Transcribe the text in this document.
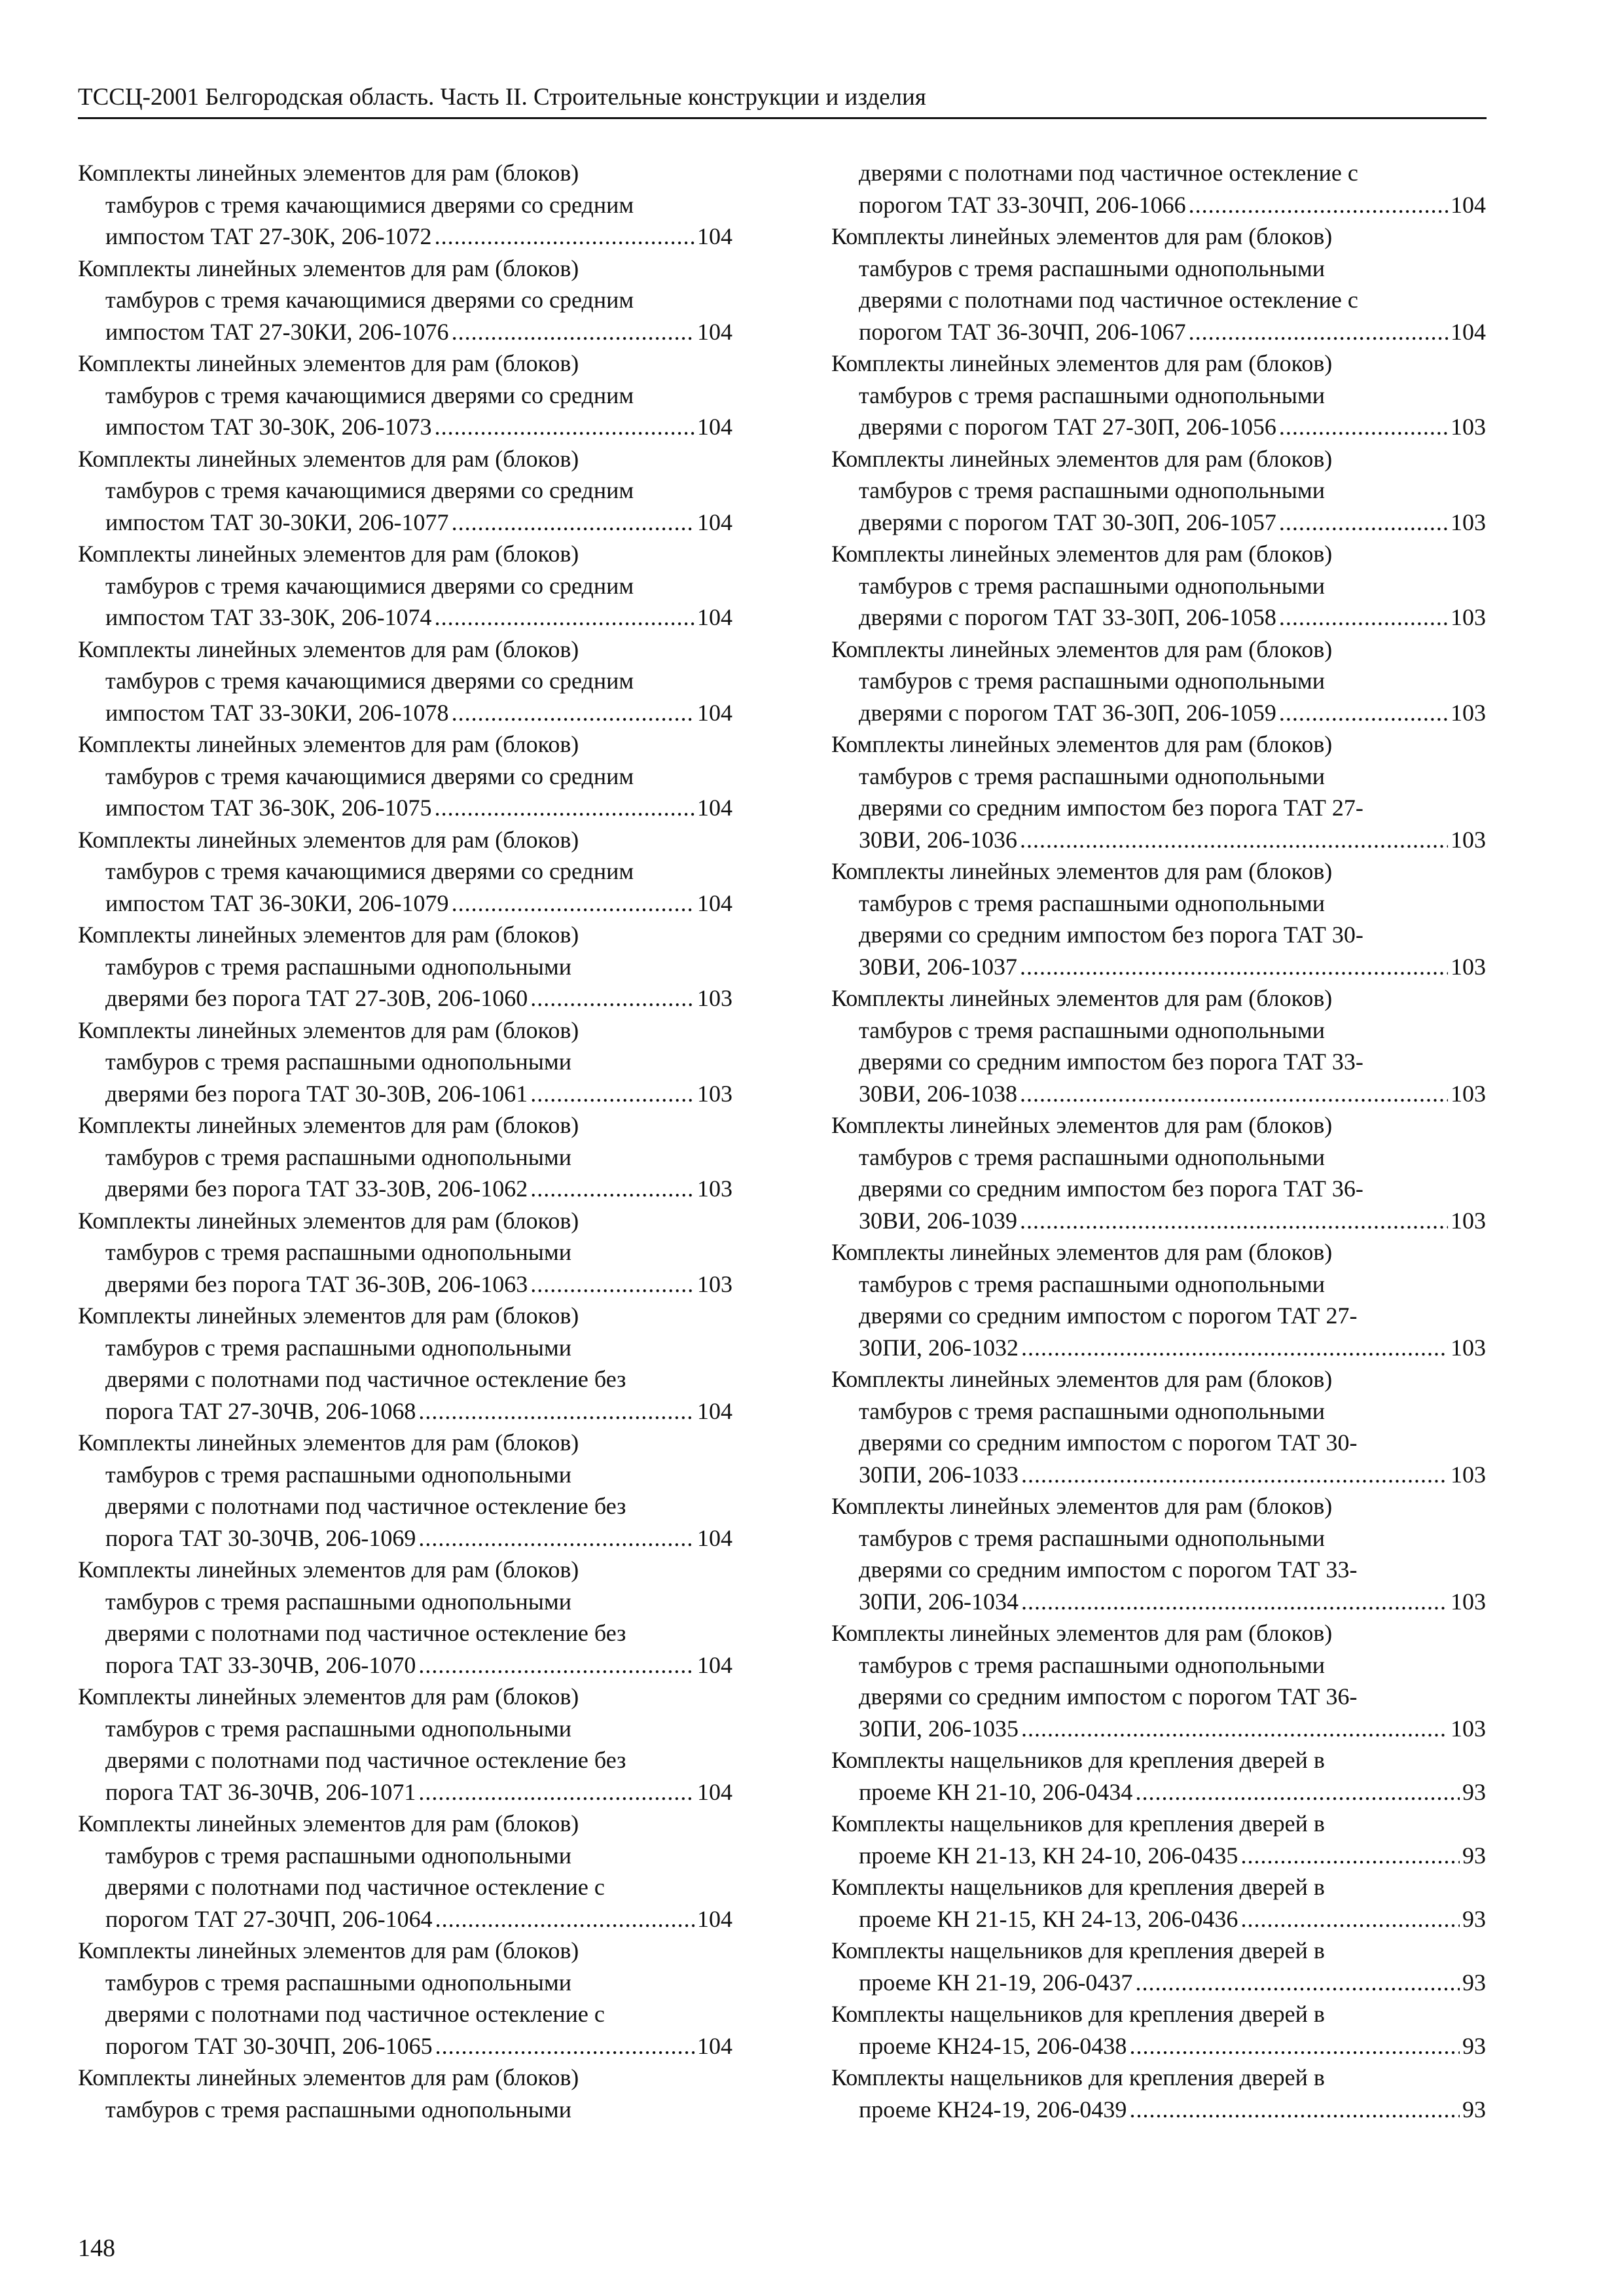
ТССЦ-2001 Белгородская область. Часть II. Строительные конструкции и изделия
Комплекты линейных элементов для рам (блоков)
тамбуров с тремя качающимися дверями со средним
импостом ТАТ 27-30К, 206-1072 .....	104
Комплекты линейных элементов для рам (блоков)
тамбуров с тремя качающимися дверями со средним
импостом ТАТ 27-30КИ, 206-1076 .....	104
Комплекты линейных элементов для рам (блоков)
тамбуров с тремя качающимися дверями со средним
импостом ТАТ 30-30К, 206-1073 .....	104
Комплекты линейных элементов для рам (блоков)
тамбуров с тремя качающимися дверями со средним
импостом ТАТ 30-30КИ, 206-1077 .....	104
Комплекты линейных элементов для рам (блоков)
тамбуров с тремя качающимися дверями со средним
импостом ТАТ 33-30К, 206-1074 .....	104
Комплекты линейных элементов для рам (блоков)
тамбуров с тремя качающимися дверями со средним
импостом ТАТ 33-30КИ, 206-1078 .....	104
Комплекты линейных элементов для рам (блоков)
тамбуров с тремя качающимися дверями со средним
импостом ТАТ 36-30К, 206-1075 .....	104
Комплекты линейных элементов для рам (блоков)
тамбуров с тремя качающимися дверями со средним
импостом ТАТ 36-30КИ, 206-1079 .....	104
Комплекты линейных элементов для рам (блоков)
тамбуров с тремя распашными однопольными
дверями без порога ТАТ 27-30В, 206-1060 .....	103
Комплекты линейных элементов для рам (блоков)
тамбуров с тремя распашными однопольными
дверями без порога ТАТ 30-30В, 206-1061 .....	103
Комплекты линейных элементов для рам (блоков)
тамбуров с тремя распашными однопольными
дверями без порога ТАТ 33-30В, 206-1062 .....	103
Комплекты линейных элементов для рам (блоков)
тамбуров с тремя распашными однопольными
дверями без порога ТАТ 36-30В, 206-1063 .....	103
Комплекты линейных элементов для рам (блоков)
тамбуров с тремя распашными однопольными
дверями с полотнами под частичное остекление без
порога ТАТ 27-30ЧВ, 206-1068 .....	104
Комплекты линейных элементов для рам (блоков)
тамбуров с тремя распашными однопольными
дверями с полотнами под частичное остекление без
порога ТАТ 30-30ЧВ, 206-1069 .....	104
Комплекты линейных элементов для рам (блоков)
тамбуров с тремя распашными однопольными
дверями с полотнами под частичное остекление без
порога ТАТ 33-30ЧВ, 206-1070 .....	104
Комплекты линейных элементов для рам (блоков)
тамбуров с тремя распашными однопольными
дверями с полотнами под частичное остекление без
порога ТАТ 36-30ЧВ, 206-1071 .....	104
Комплекты линейных элементов для рам (блоков)
тамбуров с тремя распашными однопольными
дверями с полотнами под частичное остекление с
порогом ТАТ 27-30ЧП, 206-1064 .....	104
Комплекты линейных элементов для рам (блоков)
тамбуров с тремя распашными однопольными
дверями с полотнами под частичное остекление с
порогом ТАТ 30-30ЧП, 206-1065 .....	104
Комплекты линейных элементов для рам (блоков)
тамбуров с тремя распашными однопольными
дверями с полотнами под частичное остекление с
порогом ТАТ 33-30ЧП, 206-1066 .....	104
Комплекты линейных элементов для рам (блоков)
тамбуров с тремя распашными однопольными
дверями с полотнами под частичное остекление с
порогом ТАТ 36-30ЧП, 206-1067 .....	104
Комплекты линейных элементов для рам (блоков)
тамбуров с тремя распашными однопольными
дверями с порогом ТАТ 27-30П, 206-1056 .....	103
Комплекты линейных элементов для рам (блоков)
тамбуров с тремя распашными однопольными
дверями с порогом ТАТ 30-30П, 206-1057 .....	103
Комплекты линейных элементов для рам (блоков)
тамбуров с тремя распашными однопольными
дверями с порогом ТАТ 33-30П, 206-1058 .....	103
Комплекты линейных элементов для рам (блоков)
тамбуров с тремя распашными однопольными
дверями с порогом ТАТ 36-30П, 206-1059 .....	103
Комплекты линейных элементов для рам (блоков)
тамбуров с тремя распашными однопольными
дверями со средним импостом без порога ТАТ 27-
30ВИ, 206-1036 .....	103
Комплекты линейных элементов для рам (блоков)
тамбуров с тремя распашными однопольными
дверями со средним импостом без порога ТАТ 30-
30ВИ, 206-1037 .....	103
Комплекты линейных элементов для рам (блоков)
тамбуров с тремя распашными однопольными
дверями со средним импостом без порога ТАТ 33-
30ВИ, 206-1038 .....	103
Комплекты линейных элементов для рам (блоков)
тамбуров с тремя распашными однопольными
дверями со средним импостом без порога ТАТ 36-
30ВИ, 206-1039 .....	103
Комплекты линейных элементов для рам (блоков)
тамбуров с тремя распашными однопольными
дверями со средним импостом с порогом ТАТ 27-
30ПИ, 206-1032 .....	103
Комплекты линейных элементов для рам (блоков)
тамбуров с тремя распашными однопольными
дверями со средним импостом с порогом ТАТ 30-
30ПИ, 206-1033 .....	103
Комплекты линейных элементов для рам (блоков)
тамбуров с тремя распашными однопольными
дверями со средним импостом с порогом ТАТ 33-
30ПИ, 206-1034 .....	103
Комплекты линейных элементов для рам (блоков)
тамбуров с тремя распашными однопольными
дверями со средним импостом с порогом ТАТ 36-
30ПИ, 206-1035 .....	103
Комплекты нащельников для крепления дверей в
проеме КН 21-10, 206-0434 .....	93
Комплекты нащельников для крепления дверей в
проеме КН 21-13, КН 24-10, 206-0435 .....	93
Комплекты нащельников для крепления дверей в
проеме КН 21-15, КН 24-13, 206-0436 .....	93
Комплекты нащельников для крепления дверей в
проеме КН 21-19, 206-0437 .....	93
Комплекты нащельников для крепления дверей в
проеме КН24-15, 206-0438 .....	93
Комплекты нащельников для крепления дверей в
проеме КН24-19, 206-0439 .....	93
148
